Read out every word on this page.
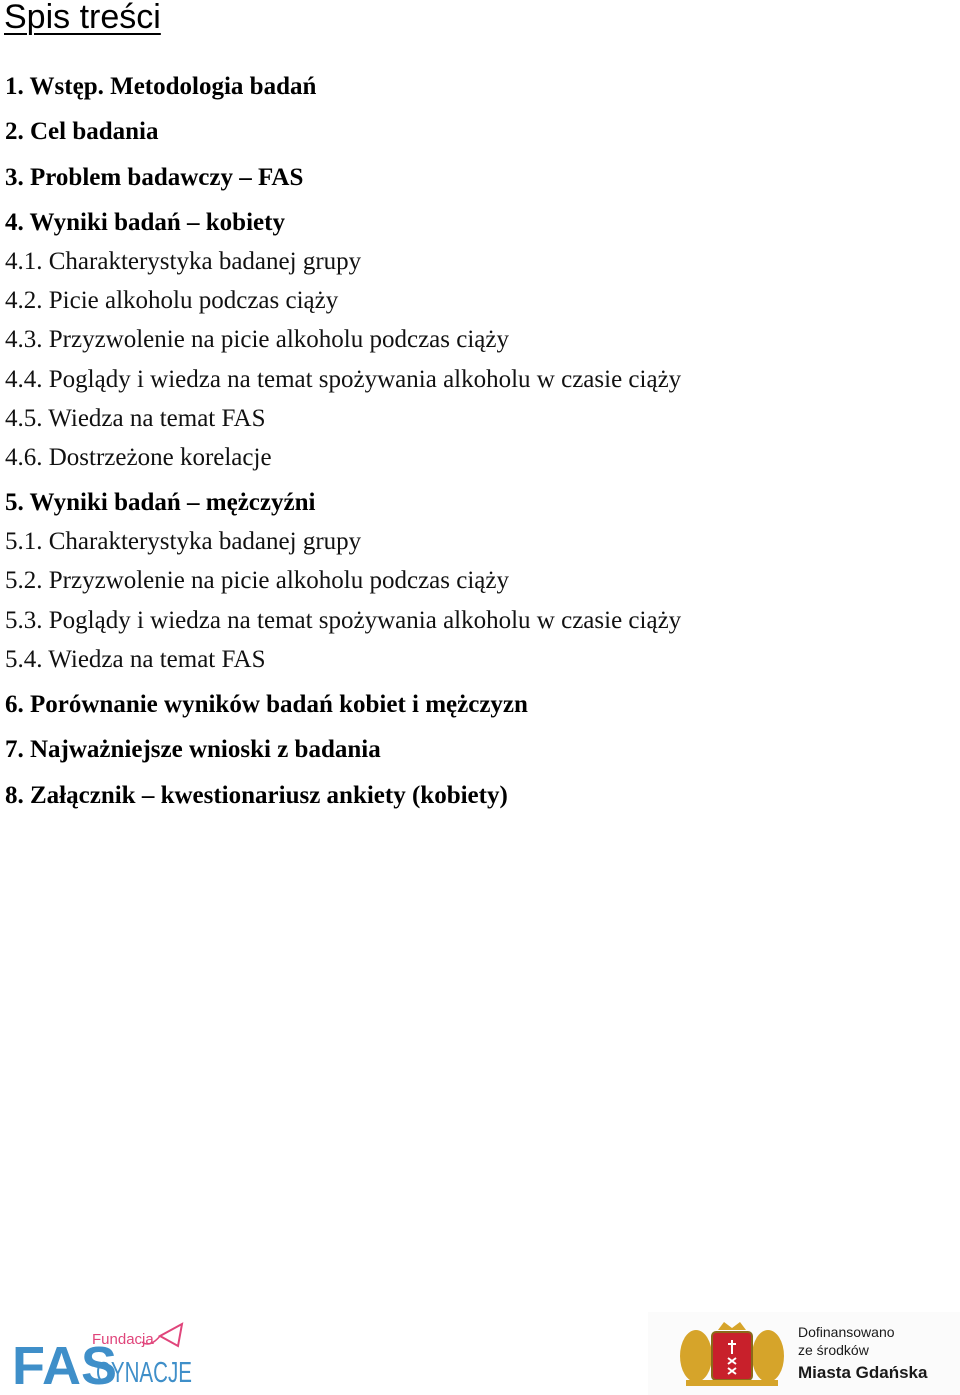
Spis treści
1. Wstęp. Metodologia badań
2. Cel badania
3. Problem badawczy – FAS
4. Wyniki badań – kobiety
4.1. Charakterystyka badanej grupy
4.2. Picie alkoholu podczas ciąży
4.3. Przyzwolenie na picie alkoholu podczas ciąży
4.4. Poglądy i wiedza na temat spożywania alkoholu w czasie ciąży
4.5. Wiedza na temat FAS
4.6. Dostrzeżone korelacje
5. Wyniki badań – mężczyźni
5.1. Charakterystyka badanej grupy
5.2. Przyzwolenie na picie alkoholu podczas ciąży
5.3. Poglądy i wiedza na temat spożywania alkoholu w czasie ciąży
5.4. Wiedza na temat FAS
6. Porównanie wyników badań kobiet i mężczyzn
7. Najważniejsze wnioski z badania
8. Załącznik – kwestionariusz ankiety (kobiety)
FAS
Fundacja
CYNACJE
Dofinansowano
ze środków
Miasta Gdańska
